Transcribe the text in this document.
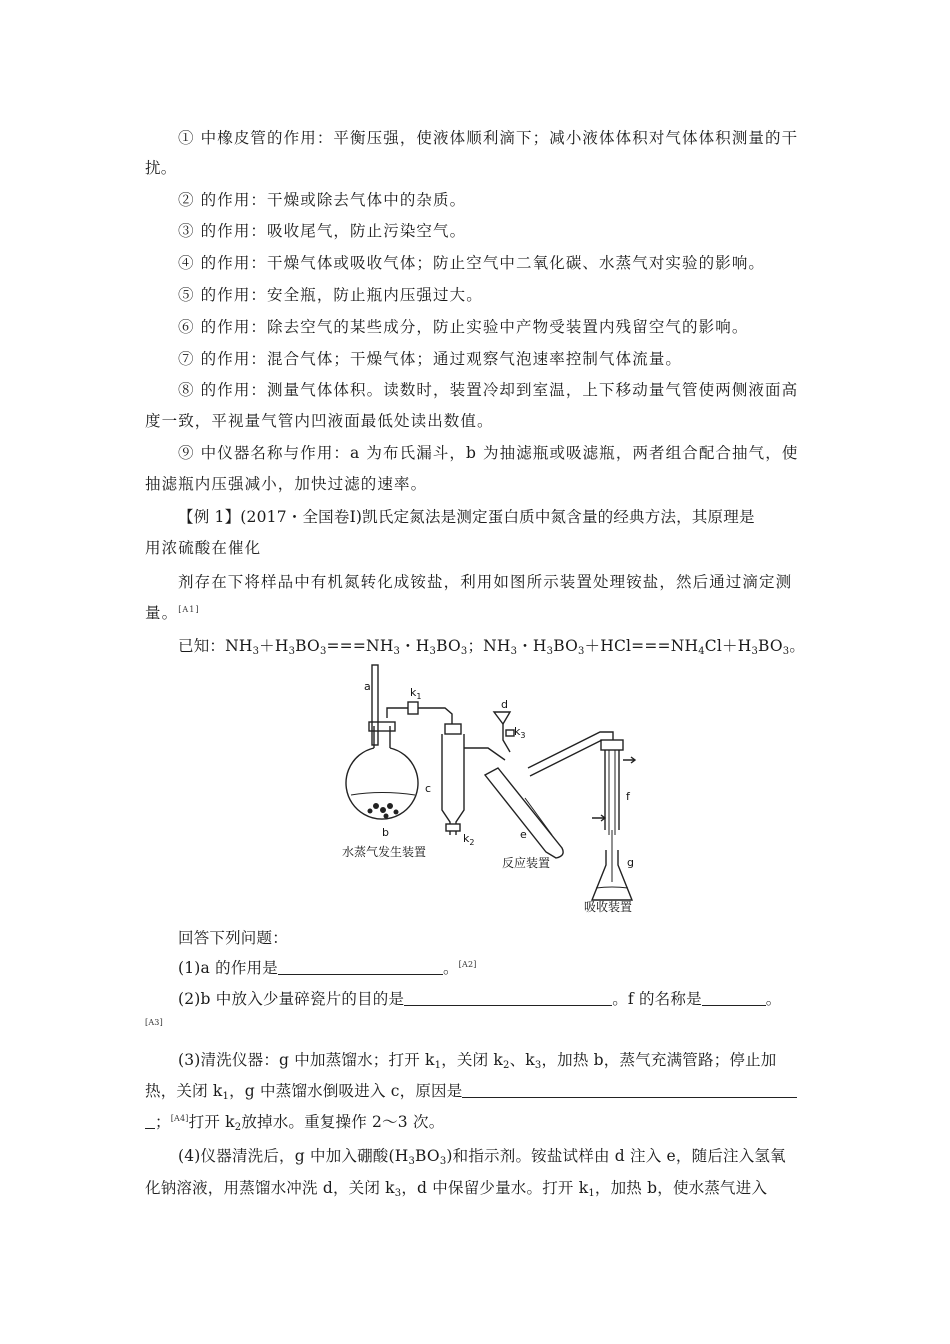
① 中橡皮管的作用：平衡压强，使液体顺利滴下；减小液体体积对气体体积测量的干
扰。
② 的作用：干燥或除去气体中的杂质。
③ 的作用：吸收尾气，防止污染空气。
④ 的作用：干燥气体或吸收气体；防止空气中二氧化碳、水蒸气对实验的影响。
⑤ 的作用：安全瓶，防止瓶内压强过大。
⑥ 的作用：除去空气的某些成分，防止实验中产物受装置内残留空气的影响。
⑦ 的作用：混合气体；干燥气体；通过观察气泡速率控制气体流量。
⑧ 的作用：测量气体体积。读数时，装置冷却到室温，上下移动量气管使两侧液面高
度一致，平视量气管内凹液面最低处读出数值。
⑨ 中仪器名称与作用：a 为布氏漏斗，b 为抽滤瓶或吸滤瓶，两者组合配合抽气，使
抽滤瓶内压强减小，加快过滤的速率。
【例 1】(2017・全国卷Ⅰ)凯氏定氮法是测定蛋白质中氮含量的经典方法，其原理是
用浓硫酸在催化
剂存在下将样品中有机氮转化成铵盐，利用如图所示装置处理铵盐，然后通过滴定测
量。[A1]
已知：$NH_3+H_3BO_3===NH_3$・$H_3BO_3$；$NH_3$・$H_3BO_3+HCl===NH_4Cl+H_3BO_3$。
a	$k_1$
c
$k_2$
d
$k_3$
e
b
f
g
水蒸气发生装置
反应装置
吸收装置
回答下列问题：
(1)a 的作用是	。[A2]
(2)b 中放入少量碎瓷片的目的是	。f 的名称是	。
[A3]
(3)清洗仪器：g 中加蒸馏水；打开 $k_1$，关闭 $k_2$、$k_3$，加热 b，蒸气充满管路；停止加
热，关闭 $k_1$，g 中蒸馏水倒吸进入 c，原因是
；[A4]打开 $k_2$放掉水。重复操作 2～3 次。
(4)仪器清洗后，g 中加入硼酸$(H_3BO_3)$和指示剂。铵盐试样由 d 注入 e，随后注入氢氧
化钠溶液，用蒸馏水冲洗 d，关闭 $k_3$，d 中保留少量水。打开 $k_1$，加热 b，使水蒸气进入
